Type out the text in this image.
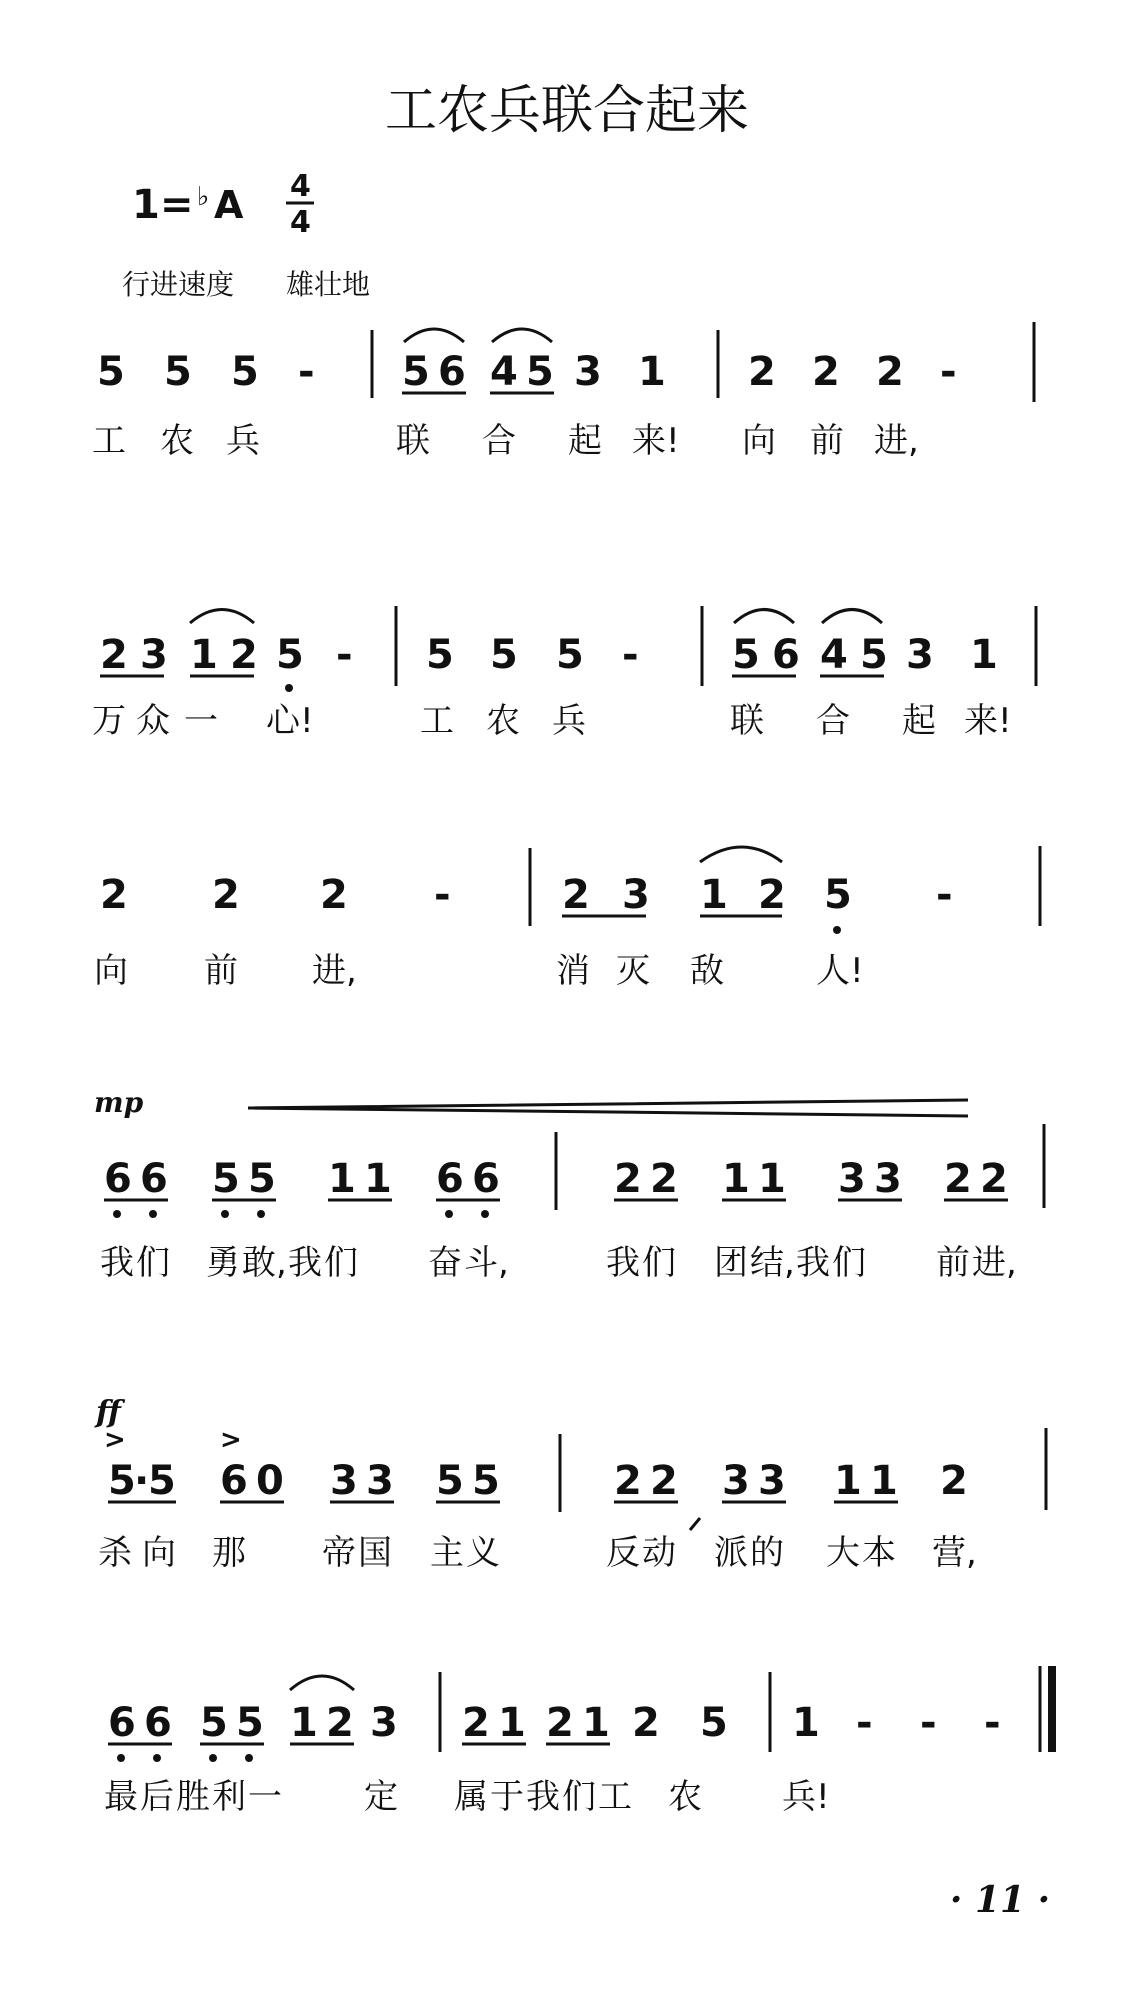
工农兵联合起来
1 = ♭ A 4
4
行进速度 雄壮地
5 5 5 - 5 6 4 5 3 1 2 2 2 -
工 农 兵	联 合 起 来! 向 前 进,
2 3 1 2 5 - 5 5 5 - 5 6 4 5 3 1
万 众 一 心!	工 农 兵	联 合 起 来!
2 2 2 -	2 3 1 2 5 -
向 前 进,	消 灭 敌	人!
mp
6 6 5 5 1 1 6 6	2 2 1 1 3 3 2 2
我 们 勇 敢, 我 们 奋 斗,	我 们 团 结, 我 们 前 进,
ff
>	>
5
·
5 6 0 3 3 5 5	2 2 3 3 1 1 2
杀 向 那 帝 国 主 义	反 动 派 的 大 本 营,
6 6 5 5 1 2 3 2 1 2 1 2 5 1 - - -
最 后 胜 利 一 定 属 于 我 们 工 农 兵!
· 11 ·
